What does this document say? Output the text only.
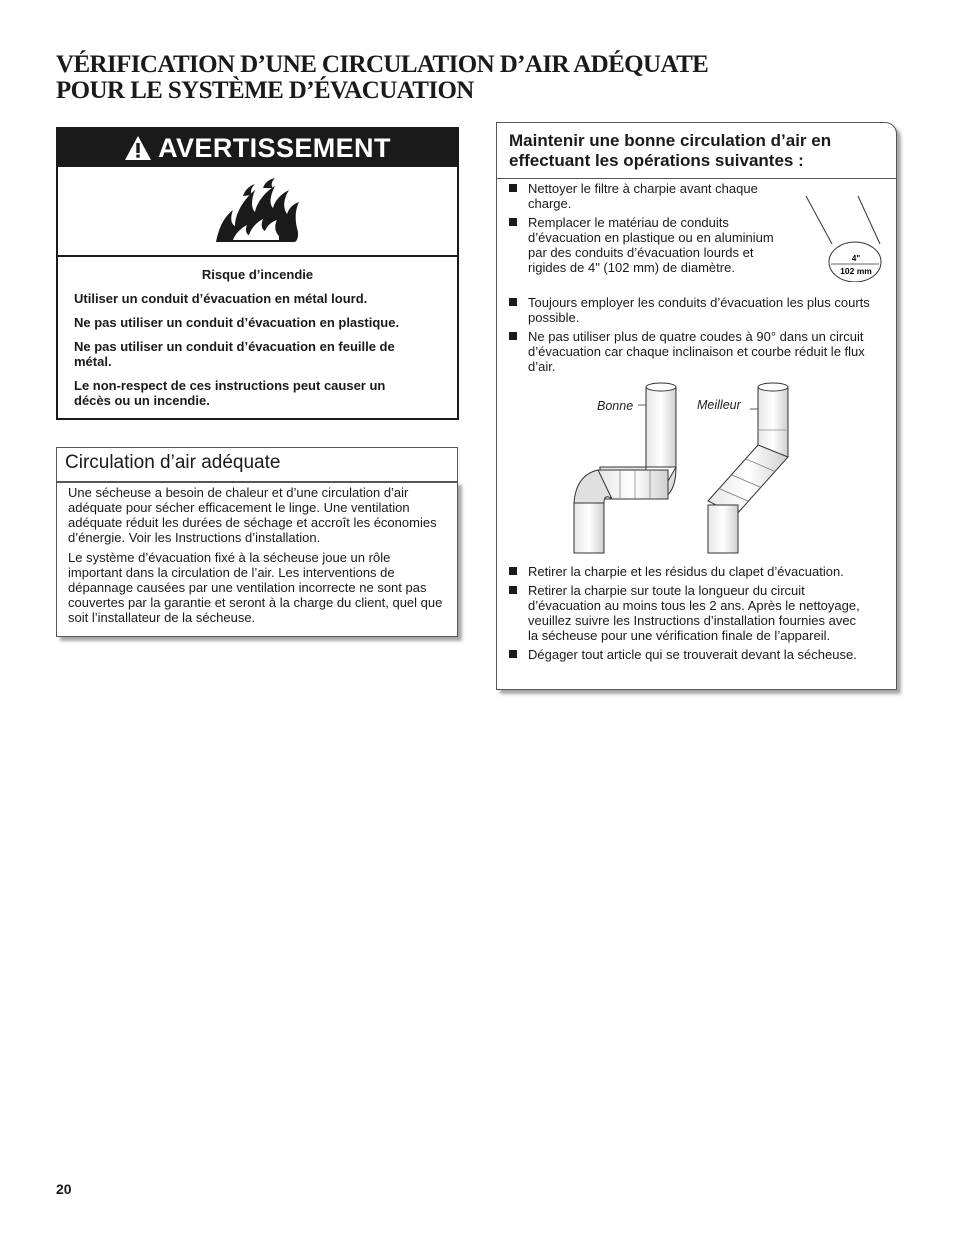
VÉRIFICATION D’UNE CIRCULATION D’AIR ADÉQUATE
POUR LE SYSTÈME D’ÉVACUATION
AVERTISSEMENT
Risque d’incendie

Utiliser un conduit d’évacuation en métal lourd.

Ne pas utiliser un conduit d’évacuation en plastique.

Ne pas utiliser un conduit d’évacuation en feuille de métal.

Le non-respect de ces instructions peut causer un décès ou un incendie.

Circulation d’air adéquate

Une sécheuse a besoin de chaleur et d’une circulation d’air adéquate pour sécher efficacement le linge. Une ventilation adéquate réduit les durées de séchage et accroît les économies d’énergie. Voir les Instructions d’installation.

Le système d’évacuation fixé à la sécheuse joue un rôle important dans la circulation de l’air. Les interventions de dépannage causées par une ventilation incorrecte ne sont pas couvertes par la garantie et seront à la charge du client, quel que soit l’installateur de la sécheuse.

Maintenir une bonne circulation d’air en effectuant les opérations suivantes :
Nettoyer le filtre à charpie avant chaque charge.
Remplacer le matériau de conduits d’évacuation en plastique ou en aluminium par des conduits d’évacuation lourds et rigides de 4" (102 mm) de diamètre.
4"
102 mm
Toujours employer les conduits d’évacuation les plus courts possible.
Ne pas utiliser plus de quatre coudes à 90° dans un circuit d’évacuation car chaque inclinaison et courbe réduit le flux d’air.
Bonne	Meilleur
Retirer la charpie et les résidus du clapet d’évacuation.
Retirer la charpie sur toute la longueur du circuit d’évacuation au moins tous les 2 ans. Après le nettoyage, veuillez suivre les Instructions d’installation fournies avec la sécheuse pour une vérification finale de l’appareil.
Dégager tout article qui se trouverait devant la sécheuse.
20
